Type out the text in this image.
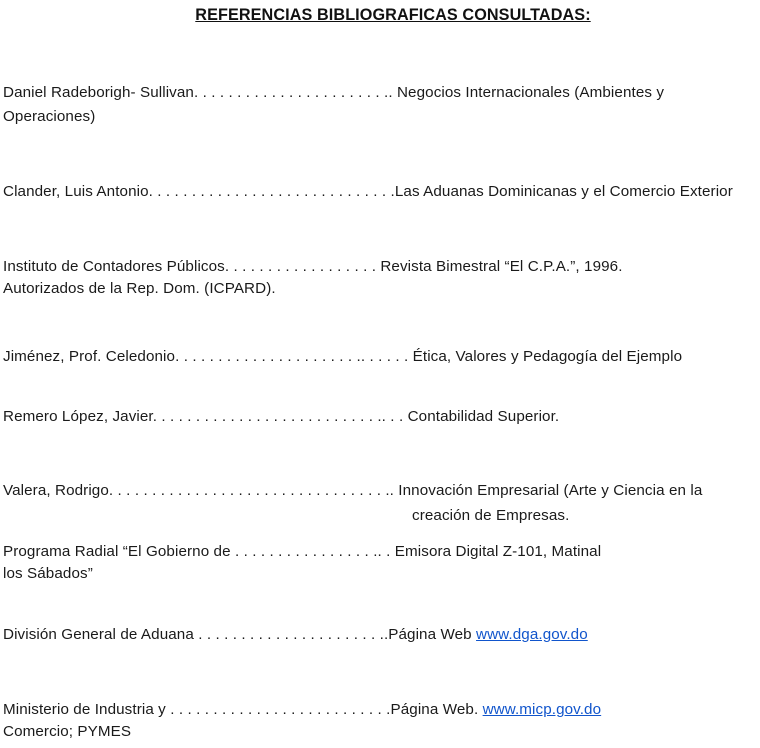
REFERENCIAS BIBLIOGRAFICAS CONSULTADAS:
Daniel Radeborigh- Sullivan. . . . . . . . . . . . . . . . . . . . . . .. Negocios Internacionales (Ambientes y
Operaciones)
Clander, Luis Antonio. . . . . . . . . . . . . . . . . . . . . . . . . . . . .Las Aduanas Dominicanas y el Comercio Exterior
Instituto de Contadores Públicos. . . . . . . . . . . . . . . . . . Revista Bimestral “El C.P.A.”, 1996.
Autorizados de la Rep. Dom. (ICPARD).
Jiménez, Prof. Celedonio. . . . . . . . . . . . . . . . . . . . . .. . . . . . Ética, Valores y Pedagogía del Ejemplo
Remero López, Javier. . . . . . . . . . . . . . . . . . . . . . . . . . .. . . Contabilidad Superior.
Valera, Rodrigo. . . . . . . . . . . . . . . . . . . . . . . . . . . . . . . . .. Innovación Empresarial (Arte y Ciencia en la
creación de Empresas.
Programa Radial “El Gobierno de . . . . . . . . . . . . . . . . .. . Emisora Digital Z-101, Matinal
los Sábados”
División General de Aduana . . . . . . . . . . . . . . . . . . . . . ..Página Web www.dga.gov.do
Ministerio de Industria y . . . . . . . . . . . . . . . . . . . . . . . . . .Página Web. www.micp.gov.do
Comercio; PYMES
